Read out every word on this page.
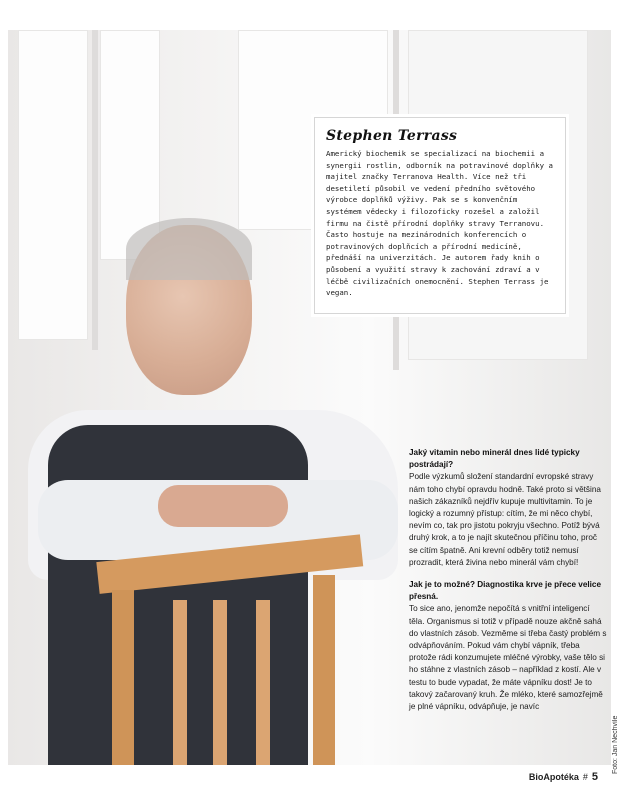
Stephen Terrass
Americký biochemik se specializací na biochemii a synergii rostlin, odborník na potravinové doplňky a majitel značky Terranova Health. Více než tři desetiletí působil ve vedení předního světového výrobce doplňků výživy. Pak se s konvenčním systémem vědecky i filozoficky rozešel a založil firmu na čistě přírodní doplňky stravy Terranovu. Často hostuje na mezinárodních konferencích o potravinových doplňcích a přírodní medicíně, přednáší na univerzitách. Je autorem řady knih o působení a využití stravy k zachování zdraví a v léčbě civilizačních onemocnění. Stephen Terrass je vegan.
Jaký vitamin nebo minerál dnes lidé typicky postrádají?
Podle výzkumů složení standardní evropské stravy nám toho chybí opravdu hodně. Také proto si většina našich zákazníků nejdřív kupuje multivitamin. To je logický a rozumný přístup: cítím, že mi něco chybí, nevím co, tak pro jistotu pokryju všechno. Potíž bývá druhý krok, a to je najít skutečnou příčinu toho, proč se cítím špatně. Ani krevní odběry totiž nemusí prozradit, která živina nebo minerál vám chybí!
Jak je to možné? Diagnostika krve je přece velice přesná.
To sice ano, jenomže nepočítá s vnitřní inteligencí těla. Organismus si totiž v případě nouze akčně sahá do vlastních zásob. Vezměme si třeba častý problém s odvápňováním. Pokud vám chybí vápník, třeba protože rádi konzumujete mléčné výrobky, vaše tělo si ho stáhne z vlastních zásob – například z kostí. Ale v testu to bude vypadat, že máte vápníku dost! Je to takový začarovaný kruh. Že mléko, které samozřejmě je plné vápníku, odvápňuje, je navíc
Foto: Jan Nechvíle
BioApotéka # 5
